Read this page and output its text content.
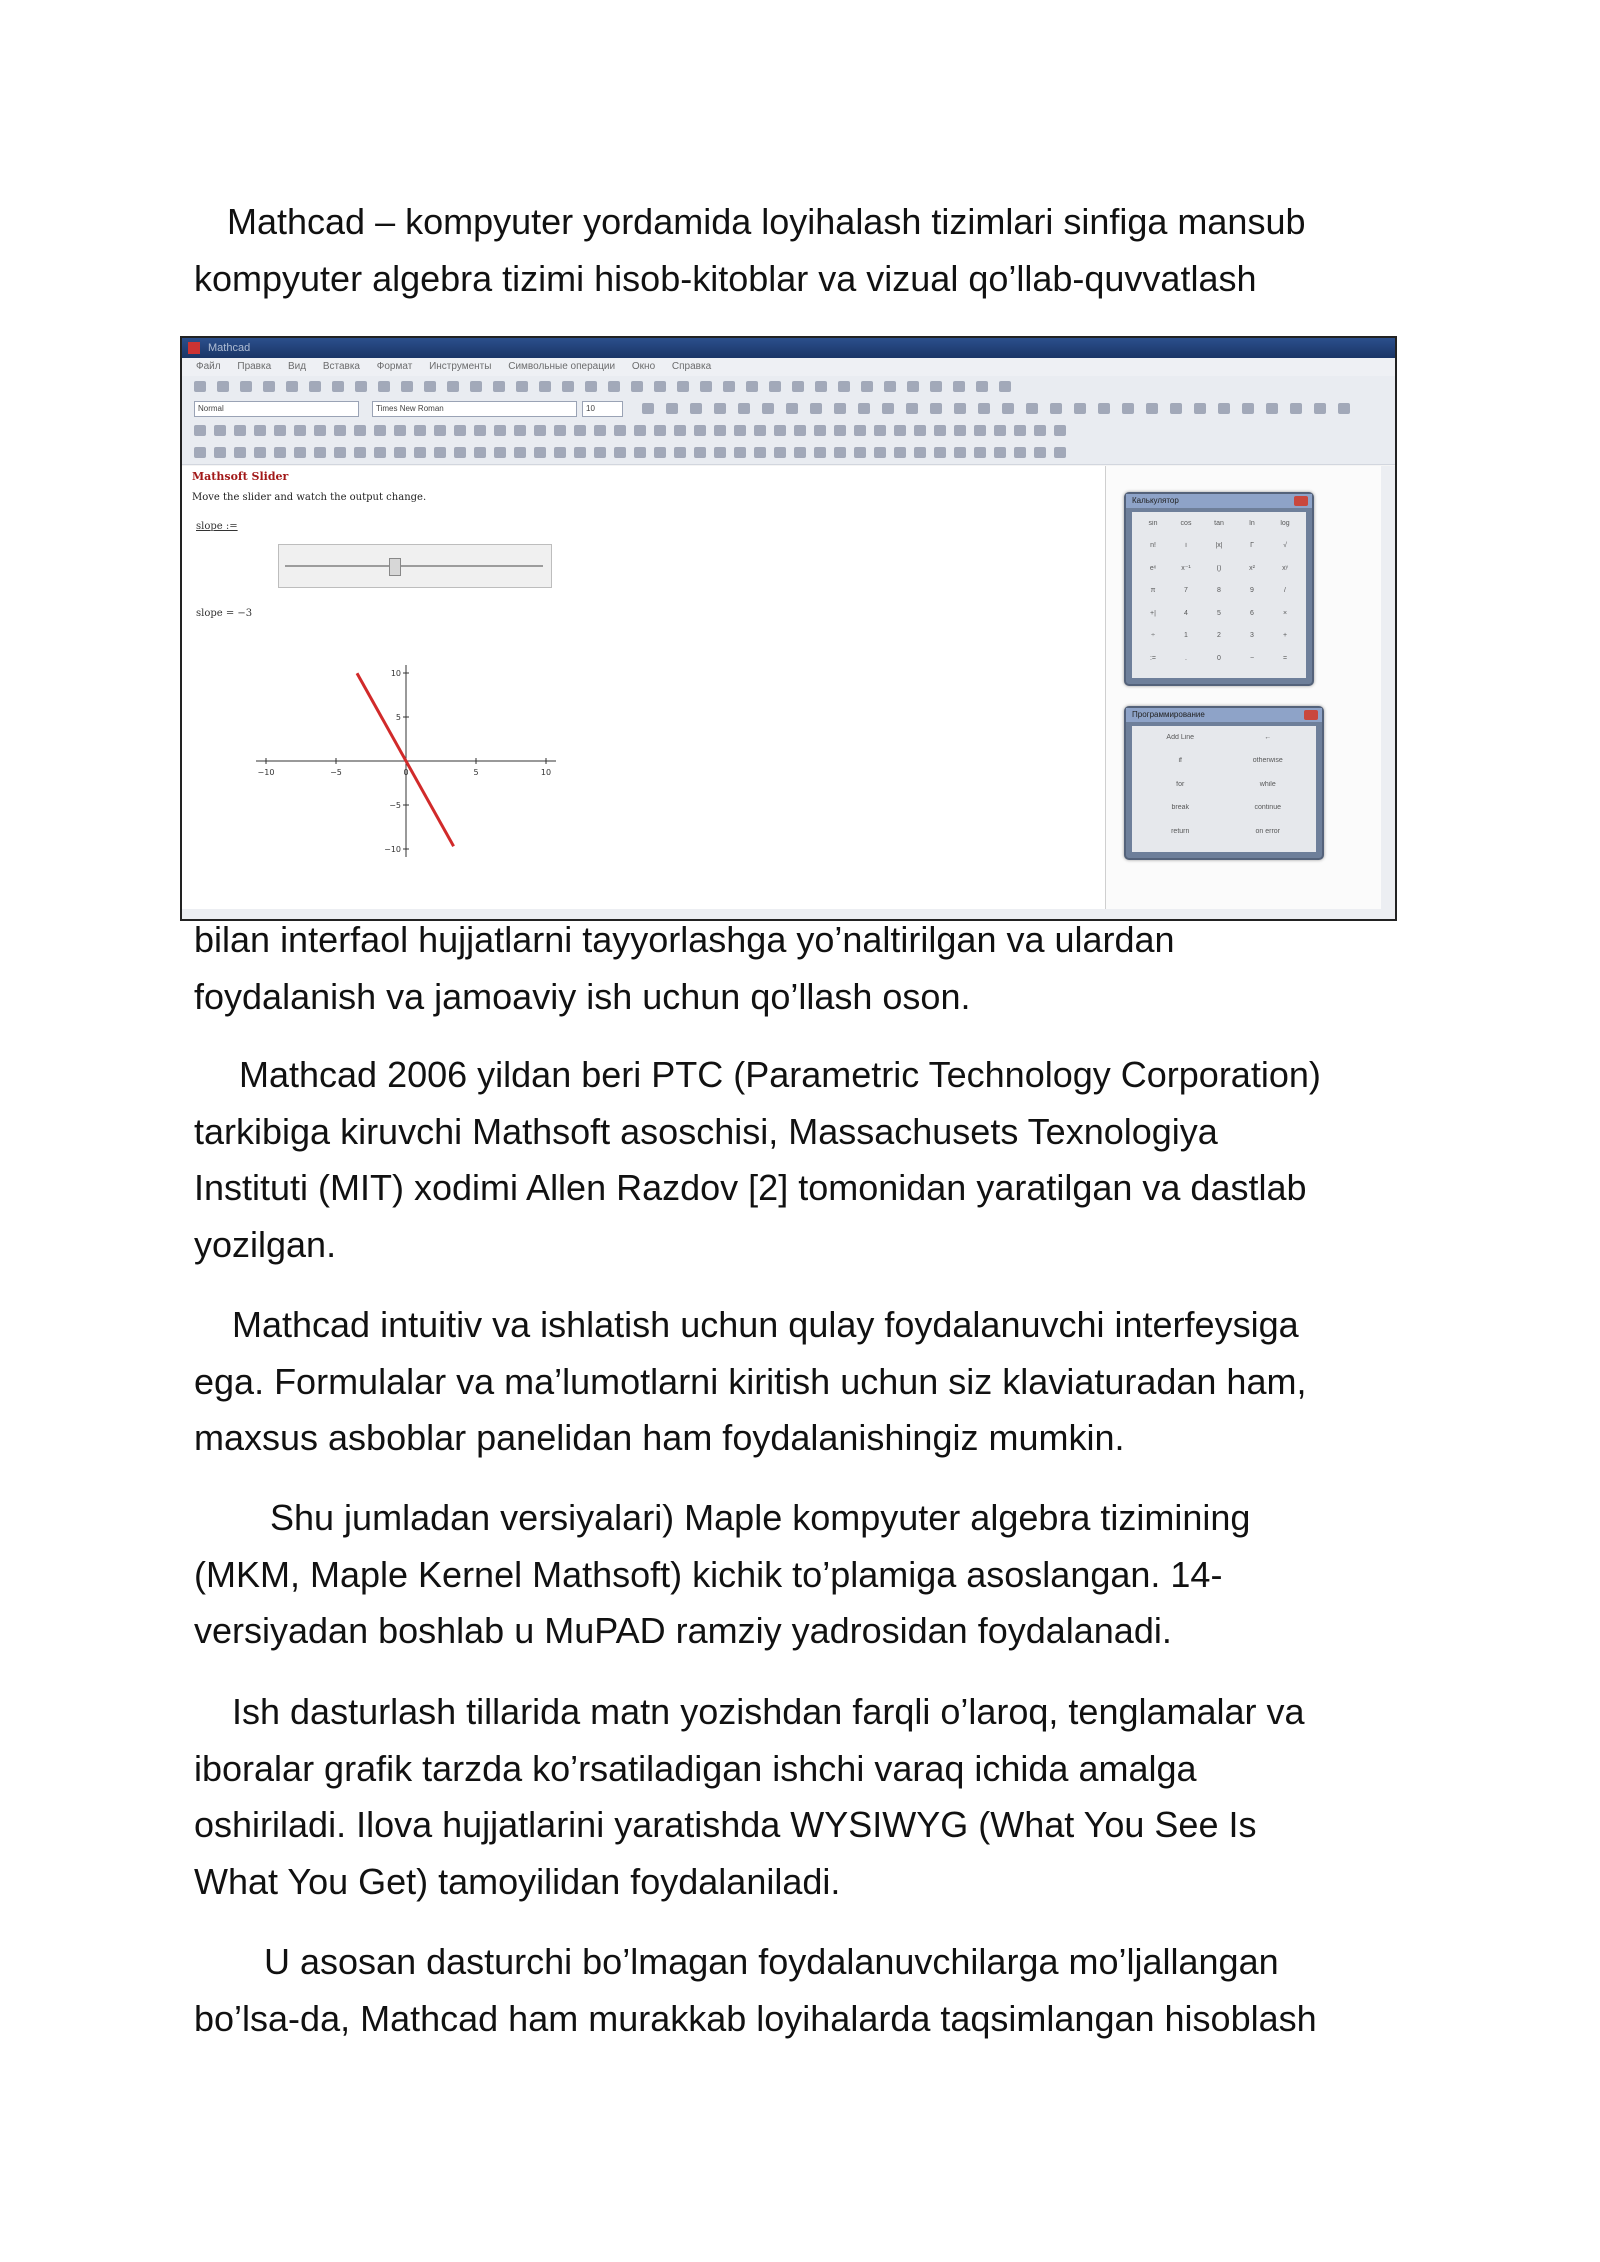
Mathcad – kompyuter yordamida loyihalash tizimlari sinfiga mansub
kompyuter algebra tizimi hisob-kitoblar va vizual qo’llab-quvvatlash

Mathcad
Файл Правка Вид Вставка Формат Инструменты Символьные операции Окно Справка
Normal	Times New Roman	10
Mathsoft Slider
Move the slider and watch the output change.
slope :=
slope = −3
−10	−5	0	5	10
10
5
−5
−10
Калькулятор
sin	cos	tan	ln	log
n!	i	|x|	Γ	√
eˣ	x⁻¹	()	x²	xʸ
π	7	8	9	/
+|	4	5	6	×
÷	1	2	3	+
:=	.	0	−	=
Программирование
Add Line	←
if	otherwise
for	while
break	continue
return	on error

bilan interfaol hujjatlarni tayyorlashga yo’naltirilgan va ulardan
foydalanish va jamoaviy ish uchun qo’llash oson.

Mathcad 2006 yildan beri PTC (Parametric Technology Corporation)
tarkibiga kiruvchi Mathsoft asoschisi, Massachusets Texnologiya
Instituti (MIT) xodimi Allen Razdov [2] tomonidan yaratilgan va dastlab
yozilgan.

Mathcad intuitiv va ishlatish uchun qulay foydalanuvchi interfeysiga
ega. Formulalar va ma’lumotlarni kiritish uchun siz klaviaturadan ham,
maxsus asboblar panelidan ham foydalanishingiz mumkin.

Shu jumladan versiyalari) Maple kompyuter algebra tizimining
(MKM, Maple Kernel Mathsoft) kichik to’plamiga asoslangan. 14-
versiyadan boshlab u MuPAD ramziy yadrosidan foydalanadi.

Ish dasturlash tillarida matn yozishdan farqli o’laroq, tenglamalar va
iboralar grafik tarzda ko’rsatiladigan ishchi varaq ichida amalga
oshiriladi. Ilova hujjatlarini yaratishda WYSIWYG (What You See Is
What You Get) tamoyilidan foydalaniladi.

U asosan dasturchi bo’lmagan foydalanuvchilarga mo’ljallangan
bo’lsa-da, Mathcad ham murakkab loyihalarda taqsimlangan hisoblash
